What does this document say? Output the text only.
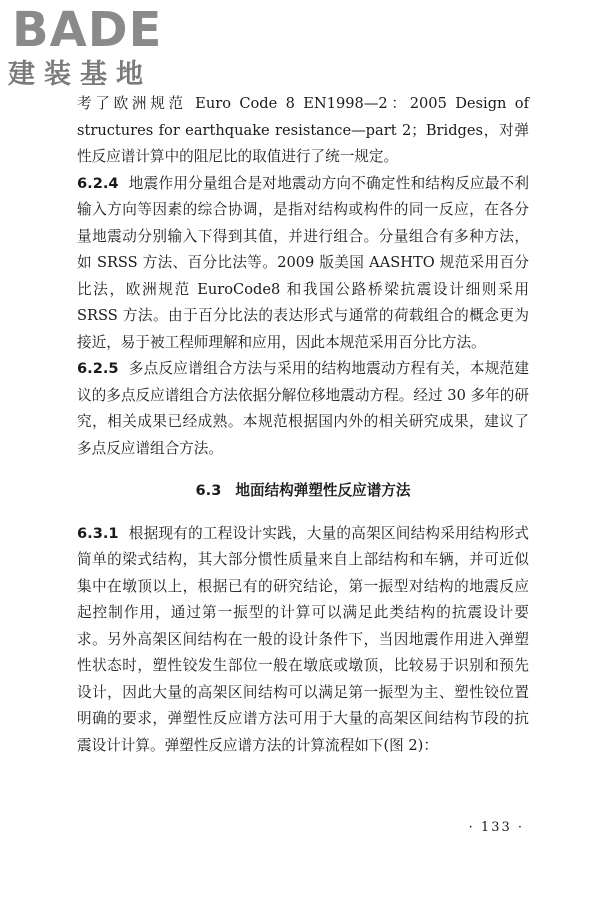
BADE
建装基地

考了欧洲规范 Euro Code 8 EN1998—2：2005 Design of structures for earthquake resistance—part 2；Bridges，对弹性反应谱计算中的阻尼比的取值进行了统一规定。

6.2.4 地震作用分量组合是对地震动方向不确定性和结构反应最不利输入方向等因素的综合协调，是指对结构或构件的同一反应，在各分量地震动分别输入下得到其值，并进行组合。分量组合有多种方法，如 SRSS 方法、百分比法等。2009 版美国 AASHTO 规范采用百分比法，欧洲规范 EuroCode8 和我国公路桥梁抗震设计细则采用 SRSS 方法。由于百分比法的表达形式与通常的荷载组合的概念更为接近，易于被工程师理解和应用，因此本规范采用百分比方法。

6.2.5 多点反应谱组合方法与采用的结构地震动方程有关，本规范建议的多点反应谱组合方法依据分解位移地震动方程。经过 30 多年的研究，相关成果已经成熟。本规范根据国内外的相关研究成果，建议了多点反应谱组合方法。

6.3 地面结构弹塑性反应谱方法

6.3.1 根据现有的工程设计实践，大量的高架区间结构采用结构形式简单的梁式结构，其大部分惯性质量来自上部结构和车辆，并可近似集中在墩顶以上，根据已有的研究结论，第一振型对结构的地震反应起控制作用，通过第一振型的计算可以满足此类结构的抗震设计要求。另外高架区间结构在一般的设计条件下，当因地震作用进入弹塑性状态时，塑性铰发生部位一般在墩底或墩顶，比较易于识别和预先设计，因此大量的高架区间结构可以满足第一振型为主、塑性铰位置明确的要求，弹塑性反应谱方法可用于大量的高架区间结构节段的抗震设计计算。弹塑性反应谱方法的计算流程如下(图 2)：

· 133 ·
